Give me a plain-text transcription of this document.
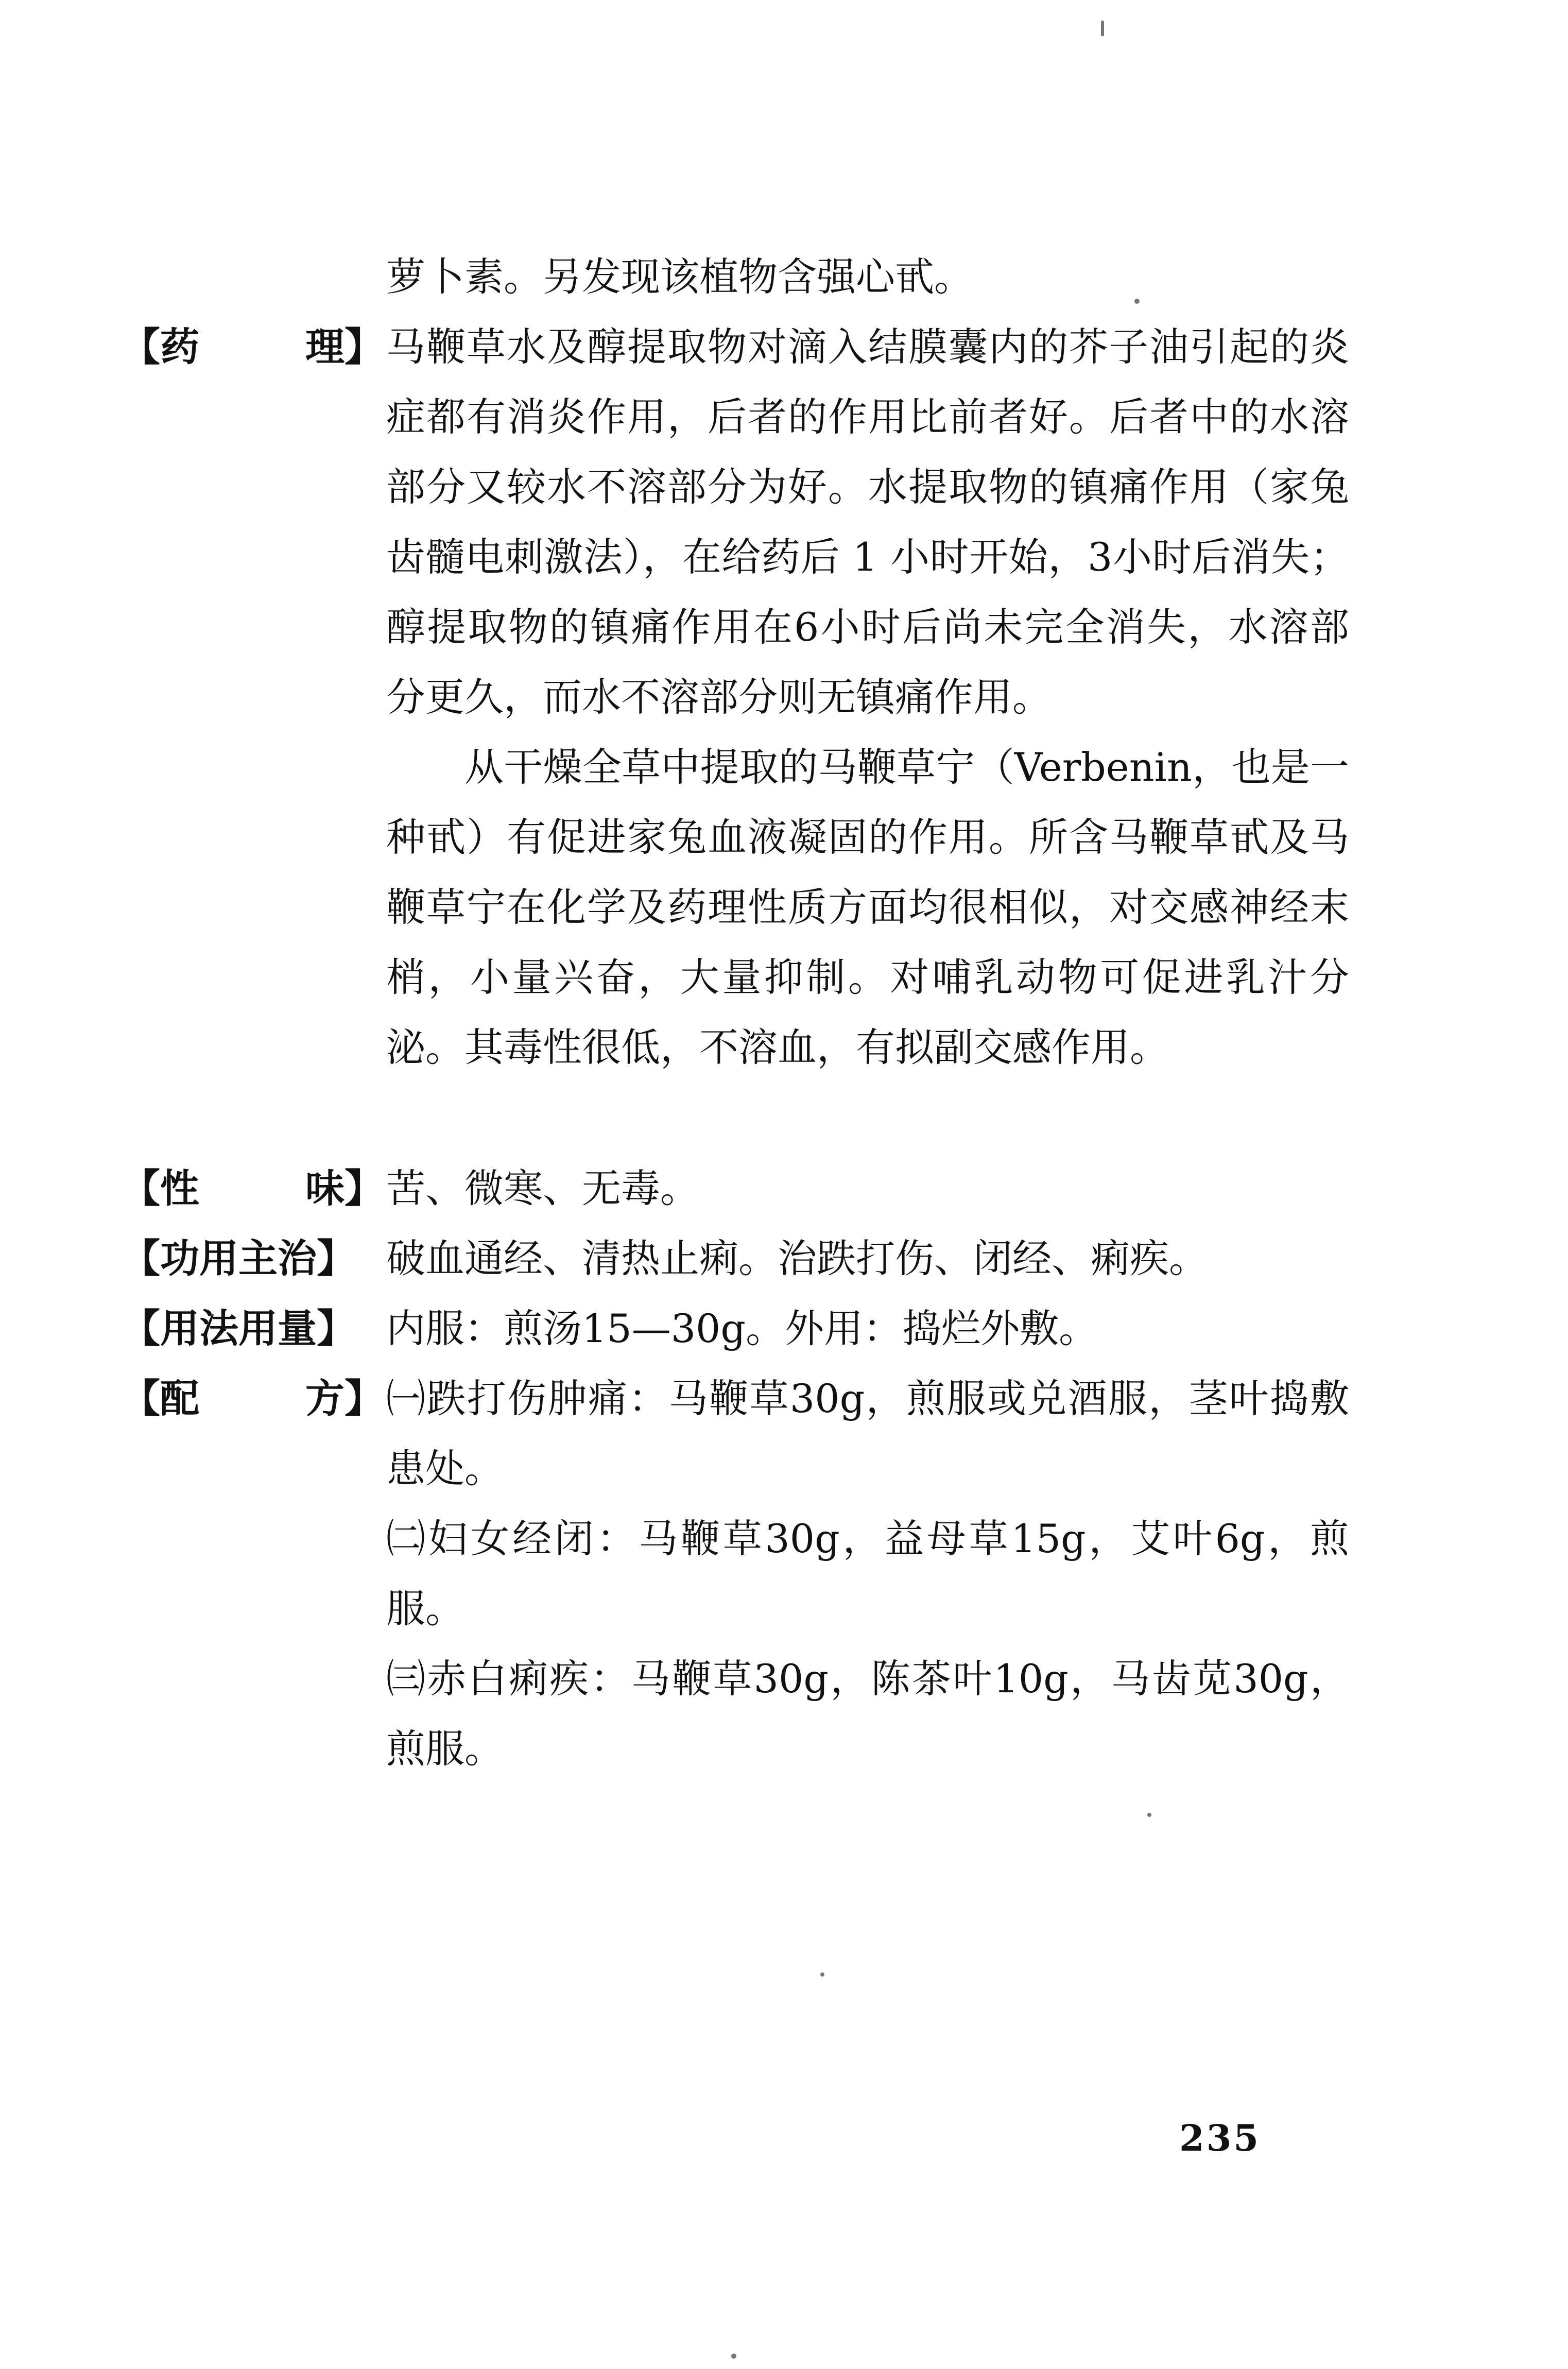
萝卜素。另发现该植物含强心甙。

【药	理】 马鞭草水及醇提取物对滴入结膜囊内的芥子油引起的炎症都有消炎作用，后者的作用比前者好。后者中的水溶部分又较水不溶部分为好。水提取物的镇痛作用（家兔齿髓电刺激法），在给药后 1 小时开始，3小时后消失；醇提取物的镇痛作用在6小时后尚未完全消失，水溶部分更久，而水不溶部分则无镇痛作用。

从干燥全草中提取的马鞭草宁（Verbenin，也是一种甙）有促进家兔血液凝固的作用。所含马鞭草甙及马鞭草宁在化学及药理性质方面均很相似，对交感神经末梢，小量兴奋，大量抑制。对哺乳动物可促进乳汁分泌。其毒性很低，不溶血，有拟副交感作用。

【性	味】 苦、微寒、无毒。

【功用主治】 破血通经、清热止痢。治跌打伤、闭经、痢疾。

【用法用量】 内服：煎汤15—30g。外用：捣烂外敷。

【配	方】 ㈠跌打伤肿痛：马鞭草30g，煎服或兑酒服，茎叶捣敷患处。

㈡妇女经闭：马鞭草30g，益母草15g，艾叶6g，煎服。

㈢赤白痢疾：马鞭草30g，陈茶叶10g，马齿苋30g，煎服。

235
